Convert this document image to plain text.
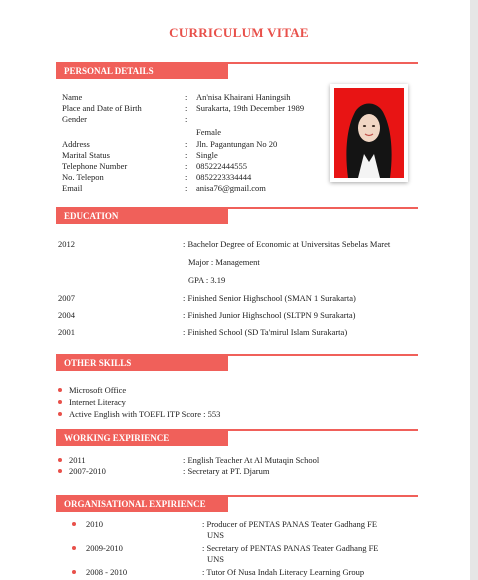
CURRICULUM VITAE
PERSONAL DETAILS
Name	: An'nisa Khairani Haningsih
Place and Date of Birth	: Surakarta, 19th December 1989
Gender	:
Female
Address	: Jln. Pagantungan No 20
Marital Status	: Single
Telephone Number	: 085222444555
No. Telepon	: 0852223334444
Email	: anisa76@gmail.com
EDUCATION
2012	: Bachelor Degree of Economic at Universitas Sebelas Maret
Major : Management
GPA : 3.19
2007	: Finished Senior Highschool (SMAN 1 Surakarta)
2004	: Finished Junior Highschool (SLTPN 9 Surakarta)
2001	: Finished School (SD Ta'mirul Islam Surakarta)
OTHER SKILLS
Microsoft Office
Internet Literacy
Active English with TOEFL ITP Score : 553
WORKING EXPIRIENCE
2011	: English Teacher At Al Mutaqin School
2007-2010	: Secretary at PT. Djarum
ORGANISATIONAL EXPIRIENCE
2010	: Producer of PENTAS PANAS Teater Gadhang FE
UNS
2009-2010	: Secretary of PENTAS PANAS Teater Gadhang FE
UNS
2008 - 2010	: Tutor Of Nusa Indah Literacy Learning Group
